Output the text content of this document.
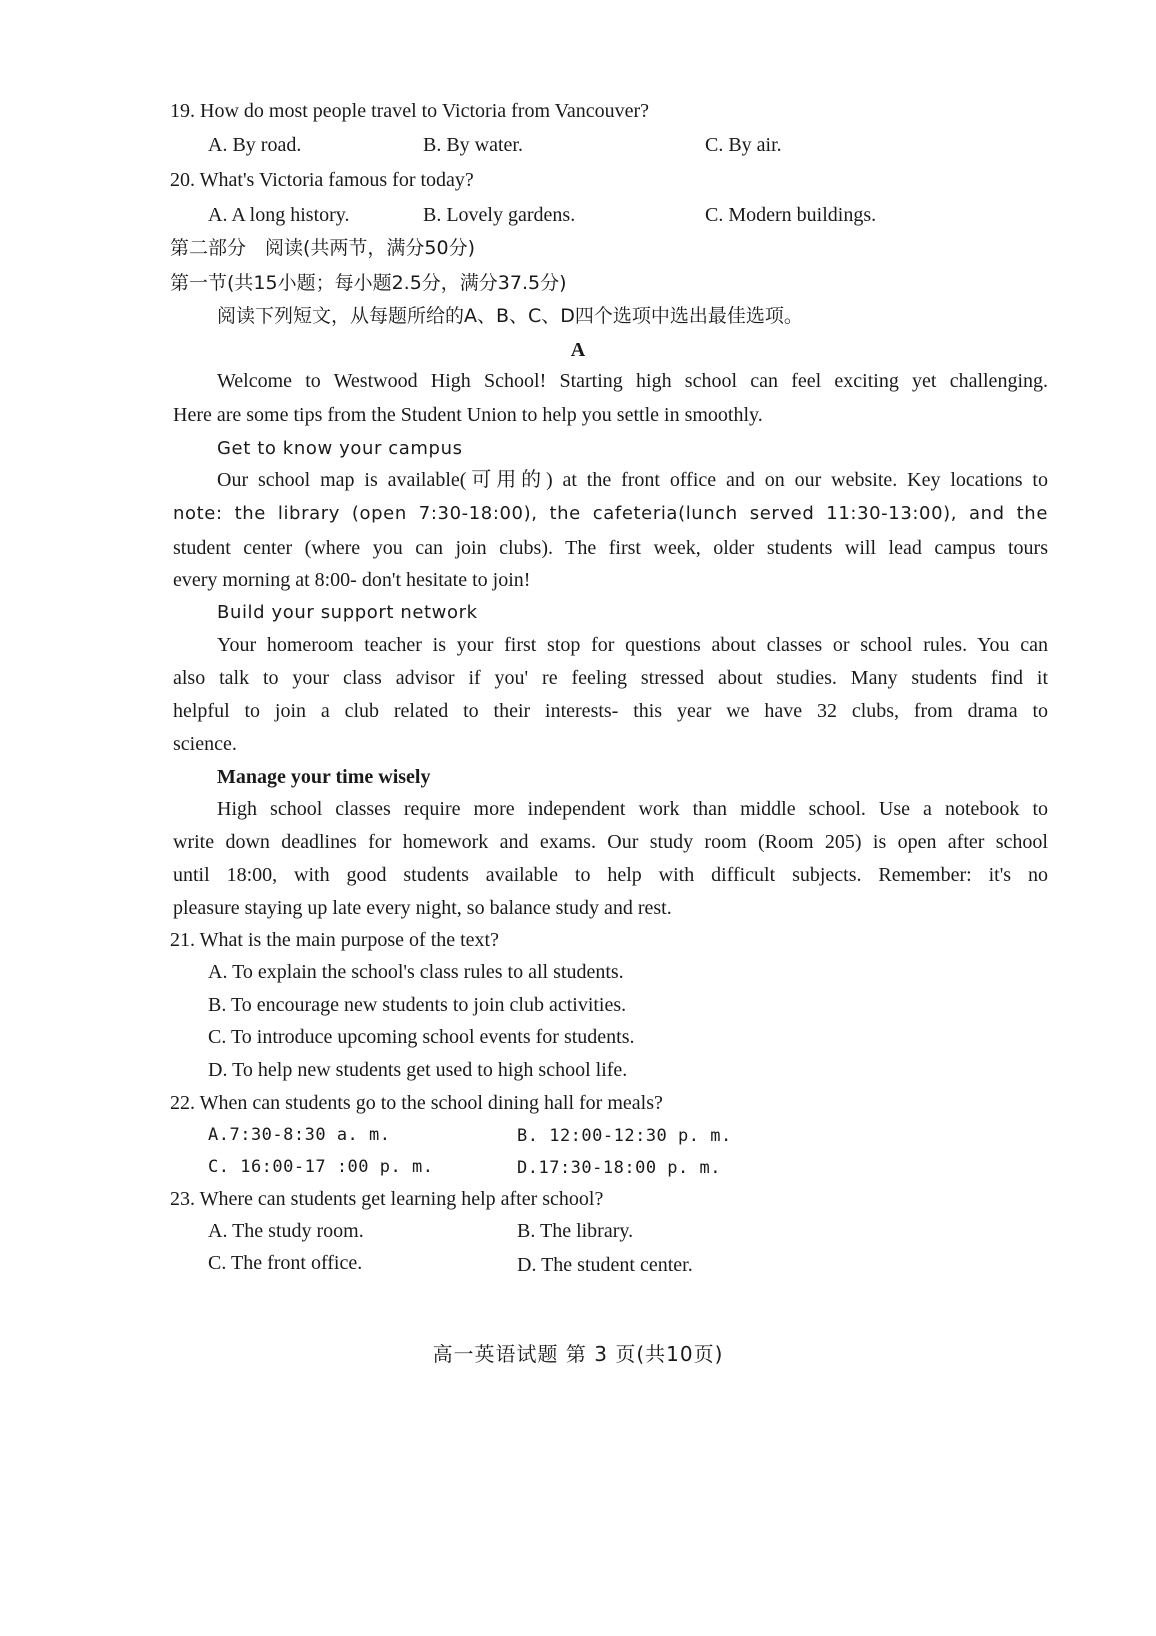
19. How do most people travel to Victoria from Vancouver?
A. By road.	B. By water.	C. By air.
20. What's Victoria famous for today?
A. A long history.	B. Lovely gardens.	C. Modern buildings.
第二部分　阅读(共两节，满分50分)
第一节(共15小题；每小题2.5分，满分37.5分)
阅读下列短文，从每题所给的A、B、C、D四个选项中选出最佳选项。
A
Welcome to Westwood High School! Starting high school can feel exciting yet challenging.
Here are some tips from the Student Union to help you settle in smoothly.
Get to know your campus
Our school map is available(可用的) at the front office and on our website. Key locations to
note: the library (open 7:30-18:00), the cafeteria(lunch served 11:30-13:00), and the
student center (where you can join clubs). The first week, older students will lead campus tours
every morning at 8:00- don't hesitate to join!
Build your support network
Your homeroom teacher is your first stop for questions about classes or school rules. You can
also talk to your class advisor if you' re feeling stressed about studies. Many students find it
helpful to join a club related to their interests- this year we have 32 clubs, from drama to
science.
Manage your time wisely
High school classes require more independent work than middle school. Use a notebook to
write down deadlines for homework and exams. Our study room (Room 205) is open after school
until 18:00, with good students available to help with difficult subjects. Remember: it's no
pleasure staying up late every night, so balance study and rest.
21. What is the main purpose of the text?
A. To explain the school's class rules to all students.
B. To encourage new students to join club activities.
C. To introduce upcoming school events for students.
D. To help new students get used to high school life.
22. When can students go to the school dining hall for meals?
A.7:30-8:30 a. m.	B. 12:00-12:30 p. m.
C. 16:00-17 :00 p. m.	D.17:30-18:00 p. m.
23. Where can students get learning help after school?
A. The study room.	B. The library.
C. The front office.	D. The student center.
高一英语试题 第 3 页(共10页)
